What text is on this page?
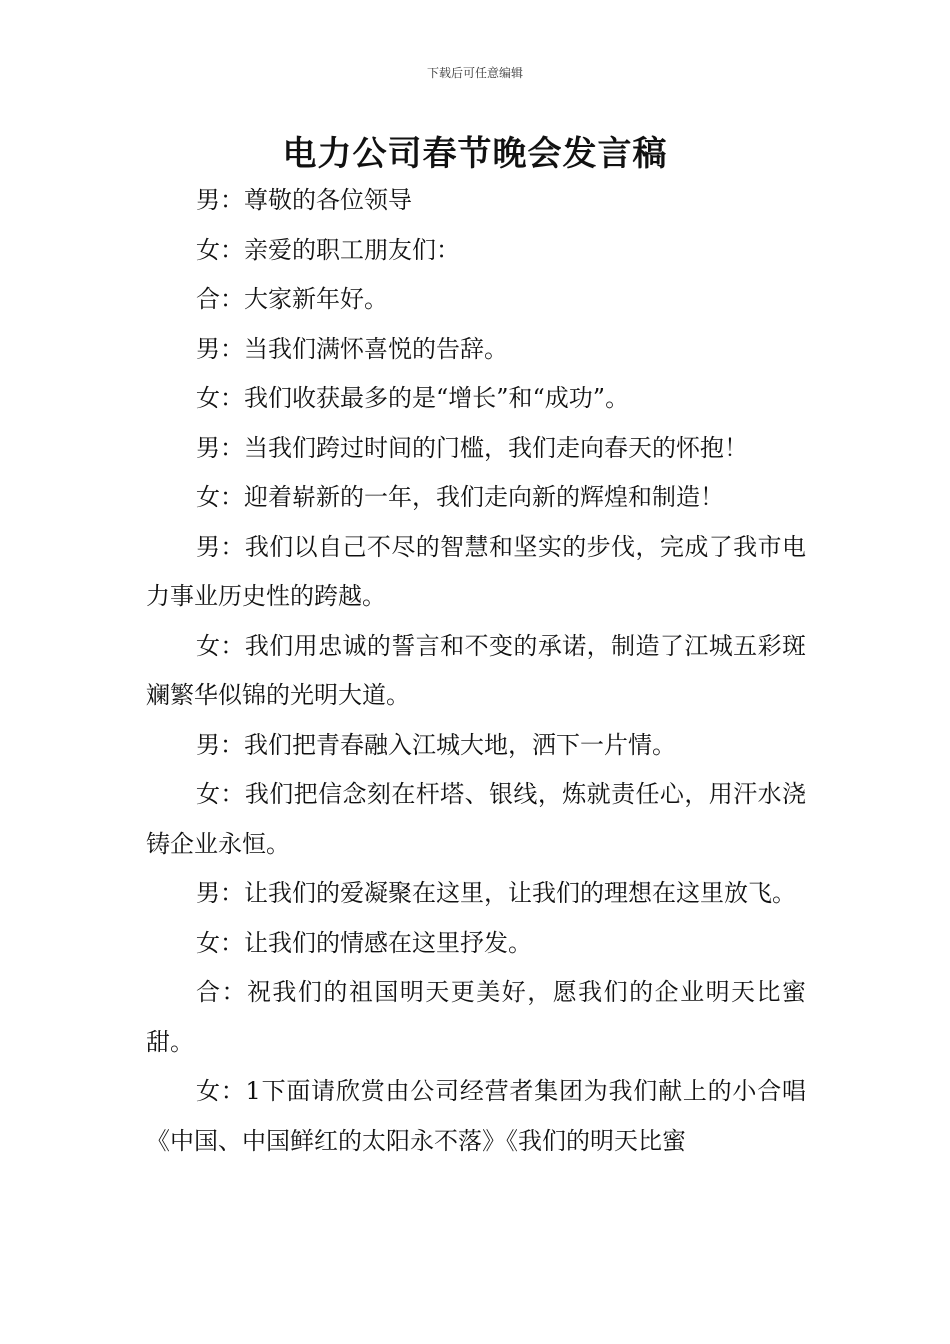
下载后可任意编辑
电力公司春节晚会发言稿

男：尊敬的各位领导

女：亲爱的职工朋友们：

合：大家新年好。

男：当我们满怀喜悦的告辞。

女：我们收获最多的是“增长”和“成功”。

男：当我们跨过时间的门槛，我们走向春天的怀抱！

女：迎着崭新的一年，我们走向新的辉煌和制造！

男：我们以自己不尽的智慧和坚实的步伐，完成了我市电力事业历史性的跨越。

女：我们用忠诚的誓言和不变的承诺，制造了江城五彩斑斓繁华似锦的光明大道。

男：我们把青春融入江城大地，洒下一片情。

女：我们把信念刻在杆塔、银线，炼就责任心，用汗水浇铸企业永恒。

男：让我们的爱凝聚在这里，让我们的理想在这里放飞。

女：让我们的情感在这里抒发。

合：祝我们的祖国明天更美好，愿我们的企业明天比蜜甜。

女：1下面请欣赏由公司经营者集团为我们献上的小合唱《中国、中国鲜红的太阳永不落》《我们的明天比蜜
